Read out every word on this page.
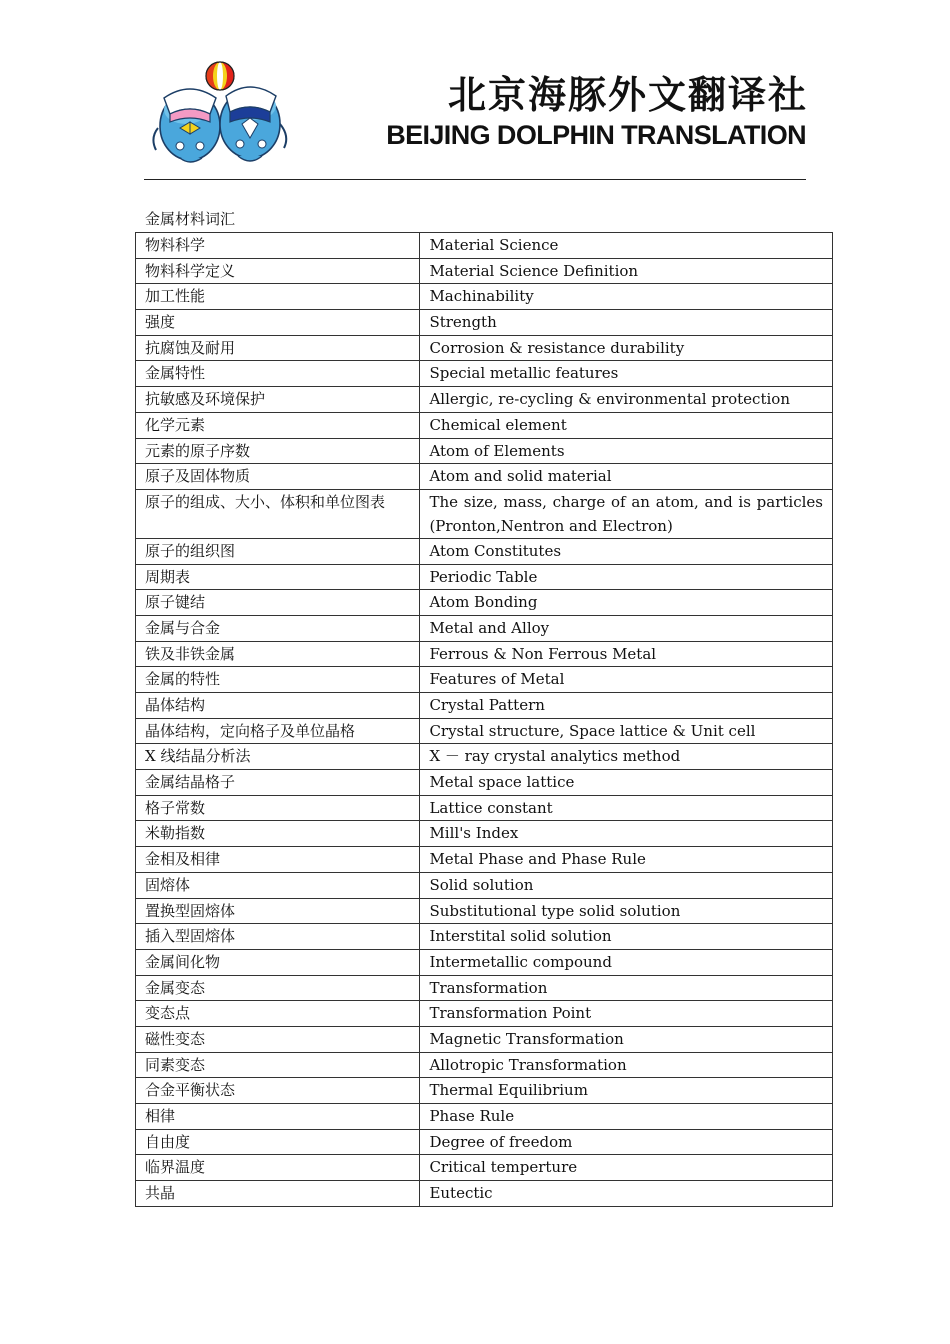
北京海豚外文翻译社
BEIJING DOLPHIN TRANSLATION
金属材料词汇
物料科学	Material Science
物料科学定义	Material Science Definition
加工性能	Machinability
强度	Strength
抗腐蚀及耐用	Corrosion & resistance durability
金属特性	Special metallic features
抗敏感及环境保护	Allergic, re-cycling & environmental protection
化学元素	Chemical element
元素的原子序数	Atom of Elements
原子及固体物质	Atom and solid material
原子的组成、大小、体积和单位图表	The size, mass, charge of an atom, and is particles (Pronton,Nentron and Electron)
原子的组织图	Atom Constitutes
周期表	Periodic Table
原子键结	Atom Bonding
金属与合金	Metal and Alloy
铁及非铁金属	Ferrous & Non Ferrous Metal
金属的特性	Features of Metal
晶体结构	Crystal Pattern
晶体结构，定向格子及单位晶格	Crystal structure, Space lattice & Unit cell
X 线结晶分析法	X － ray crystal analytics method
金属结晶格子	Metal space lattice
格子常数	Lattice constant
米勒指数	Mill's Index
金相及相律	Metal Phase and Phase Rule
固熔体	Solid solution
置换型固熔体	Substitutional type solid solution
插入型固熔体	Interstital solid solution
金属间化物	Intermetallic compound
金属变态	Transformation
变态点	Transformation Point
磁性变态	Magnetic Transformation
同素变态	Allotropic Transformation
合金平衡状态	Thermal Equilibrium
相律	Phase Rule
自由度	Degree of freedom
临界温度	Critical temperture
共晶	Eutectic
